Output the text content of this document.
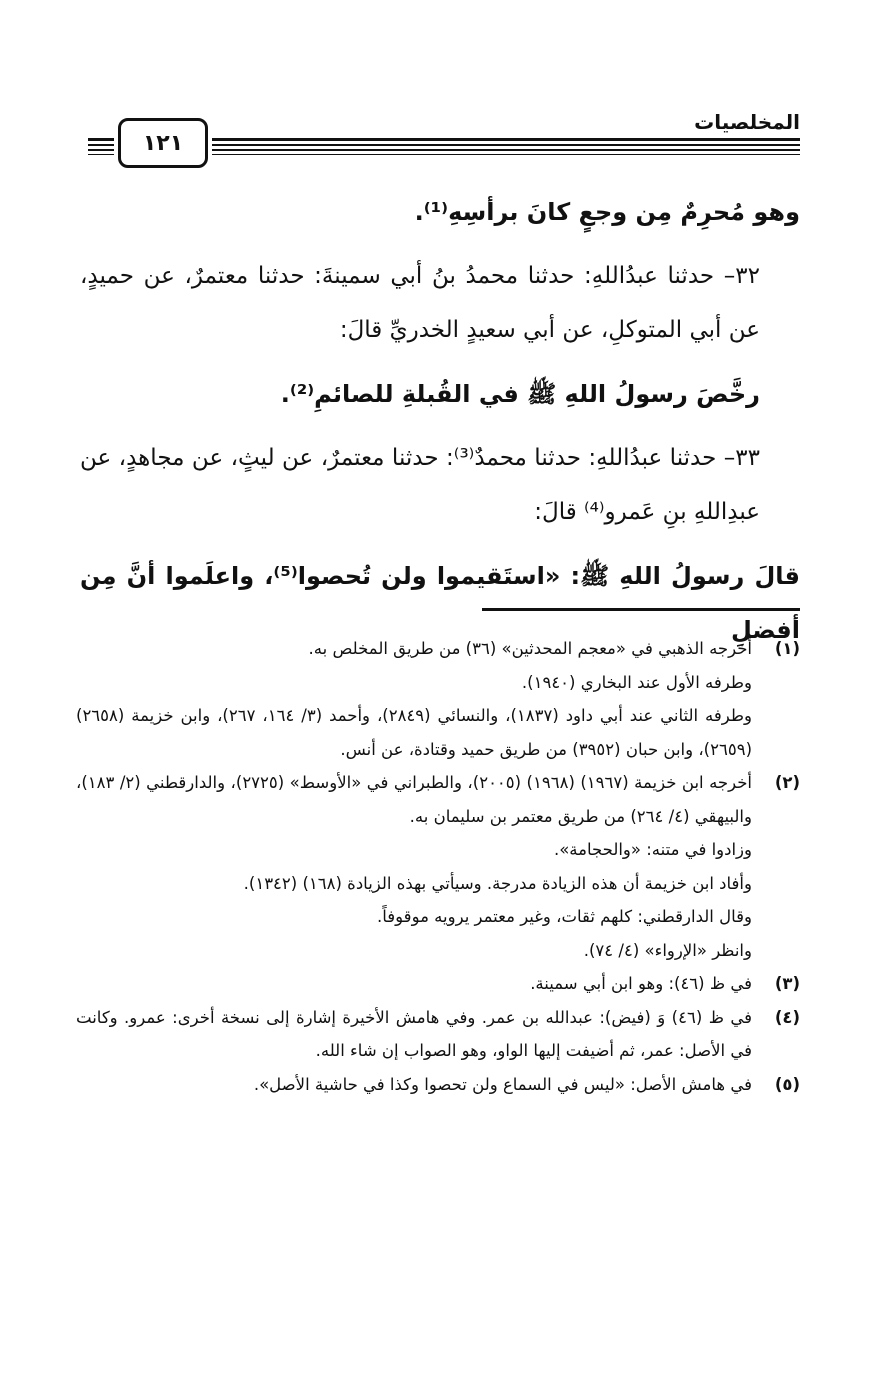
المخلصيات
١٢١

وهو مُحرِمٌ مِن وجعٍ كانَ برأسِهِ⁽¹⁾.

٣٢– حدثنا عبدُاللهِ: حدثنا محمدُ بنُ أبي سمينةَ: حدثنا معتمرٌ، عن حميدٍ، عن أبي المتوكلِ، عن أبي سعيدٍ الخدريِّ قالَ:

رخَّصَ رسولُ اللهِ ﷺ في القُبلةِ للصائمِ⁽²⁾.

٣٣– حدثنا عبدُاللهِ: حدثنا محمدٌ⁽³⁾: حدثنا معتمرٌ، عن ليثٍ، عن مجاهدٍ، عن عبدِاللهِ بنِ عَمرو⁽⁴⁾ قالَ:

قالَ رسولُ اللهِ ﷺ: «استَقيموا ولن تُحصوا⁽⁵⁾، واعلَموا أنَّ مِن أفضلِ

(١)

أخرجه الذهبي في «معجم المحدثين» (٣٦) من طريق المخلص به.

وطرفه الأول عند البخاري (١٩٤٠).

وطرفه الثاني عند أبي داود (١٨٣٧)، والنسائي (٢٨٤٩)، وأحمد (٣/ ١٦٤، ٢٦٧)، وابن خزيمة (٢٦٥٨) (٢٦٥٩)، وابن حبان (٣٩٥٢) من طريق حميد وقتادة، عن أنس.

(٢)

أخرجه ابن خزيمة (١٩٦٧) (١٩٦٨) (٢٠٠٥)، والطبراني في «الأوسط» (٢٧٢٥)، والدارقطني (٢/ ١٨٣)، والبيهقي (٤/ ٢٦٤) من طريق معتمر بن سليمان به.

وزادوا في متنه: «والحجامة».

وأفاد ابن خزيمة أن هذه الزيادة مدرجة. وسيأتي بهذه الزيادة (١٦٨) (١٣٤٢).

وقال الدارقطني: كلهم ثقات، وغير معتمر يرويه موقوفاً.

وانظر «الإرواء» (٤/ ٧٤).

(٣)

في ظ (٤٦): وهو ابن أبي سمينة.

(٤)

في ظ (٤٦) وَ (فيض): عبدالله بن عمر. وفي هامش الأخيرة إشارة إلى نسخة أخرى: عمرو. وكانت في الأصل: عمر، ثم أضيفت إليها الواو، وهو الصواب إن شاء الله.

(٥)

في هامش الأصل: «ليس في السماع ولن تحصوا وكذا في حاشية الأصل».
